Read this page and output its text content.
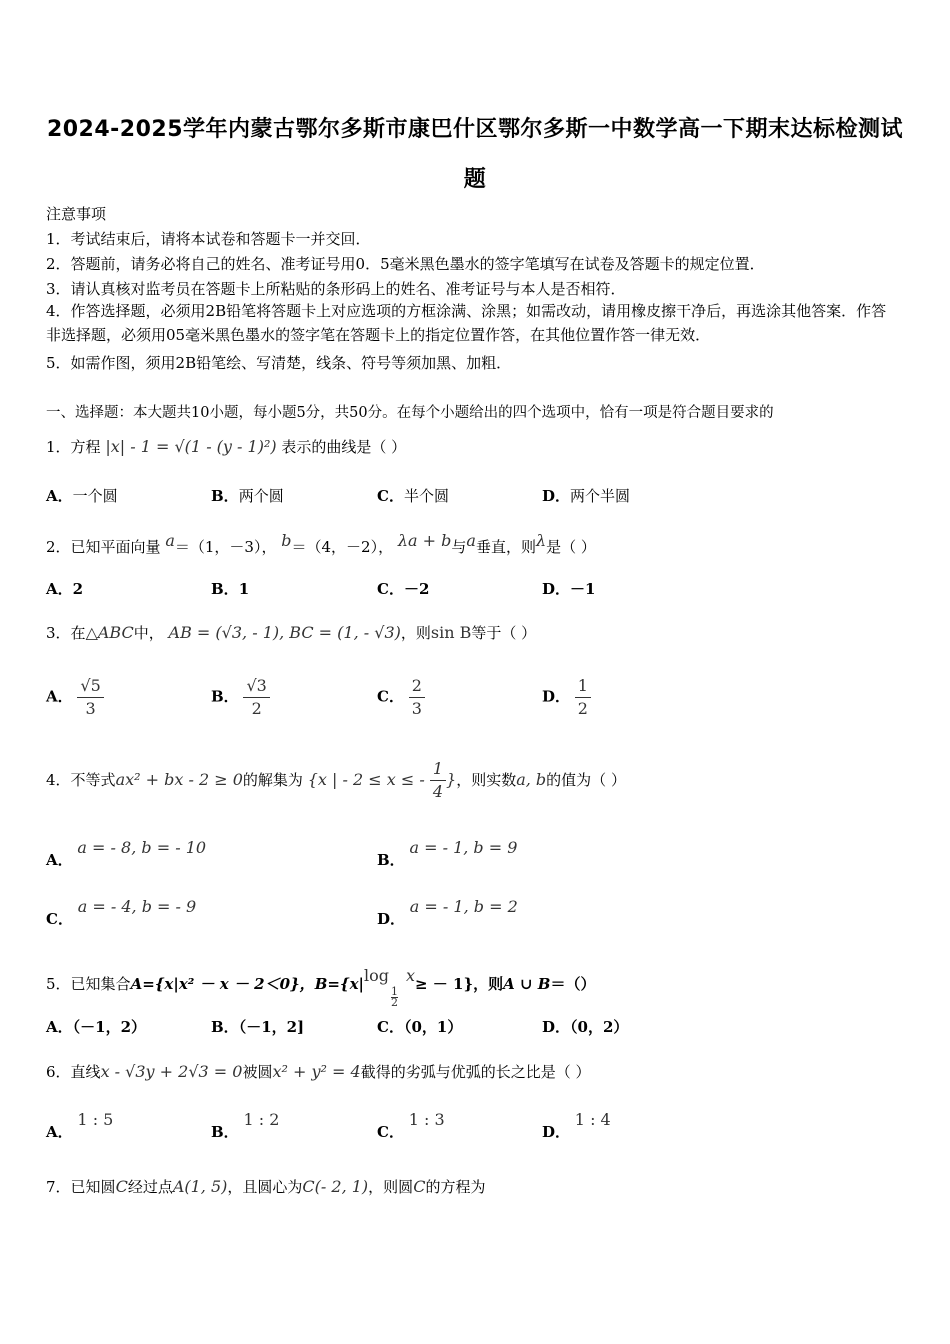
2024-2025学年内蒙古鄂尔多斯市康巴什区鄂尔多斯一中数学高一下期末达标检测试
题
注意事项
1．考试结束后，请将本试卷和答题卡一并交回．
2．答题前，请务必将自己的姓名、准考证号用0．5毫米黑色墨水的签字笔填写在试卷及答题卡的规定位置．
3．请认真核对监考员在答题卡上所粘贴的条形码上的姓名、准考证号与本人是否相符．
4．作答选择题，必须用2B铅笔将答题卡上对应选项的方框涂满、涂黑；如需改动，请用橡皮擦干净后，再选涂其他答案．作答非选择题，必须用05毫米黑色墨水的签字笔在答题卡上的指定位置作答，在其他位置作答一律无效．
5．如需作图，须用2B铅笔绘、写清楚，线条、符号等须加黑、加粗．
一、选择题：本大题共10小题，每小题5分，共50分。在每个小题给出的四个选项中，恰有一项是符合题目要求的
1．方程 |x| - 1 = √(1 - (y - 1)²) 表示的曲线是（ ）
A．一个圆	B．两个圆	C．半个圆	D．两个半圆
2．已知平面向量 a＝（1，－3）， b＝（4，－2）， λa + b与a垂直，则λ是（ ）
A．2	B．1	C．－2	D．－1
3．在△ABC中， AB = (√3, - 1), BC = (1, - √3)，则sin B等于（ ）
A． $\frac{√5}{3}$	B． $\frac{√3}{2}$	C． $\frac{2}{3}$	D． $\frac{1}{2}$
4．不等式ax² + bx - 2 ≥ 0的解集为 {x | - 2 ≤ x ≤ - $\frac{1}{4}$ }，则实数a, b的值为（ ）
A． a = - 8, b = - 10
B． a = - 1, b = 9
C． a = - 4, b = - 9
D． a = - 1, b = 2
5．已知集合A={x|x² － x － 2＜0}，B={x|log
$\frac{1}{2}$
x≥ － 1}，则A ∪ B＝（）
A．（－1，2）	B．（－1，2]	C．（0，1）	D．（0，2）
6．直线x - √3y + 2√3 = 0被圆x² + y² = 4截得的劣弧与优弧的长之比是（ ）
A． 1 : 5
B． 1 : 2
C． 1 : 3
D． 1 : 4
7．已知圆C经过点A(1, 5)，且圆心为C(- 2, 1)，则圆C的方程为
